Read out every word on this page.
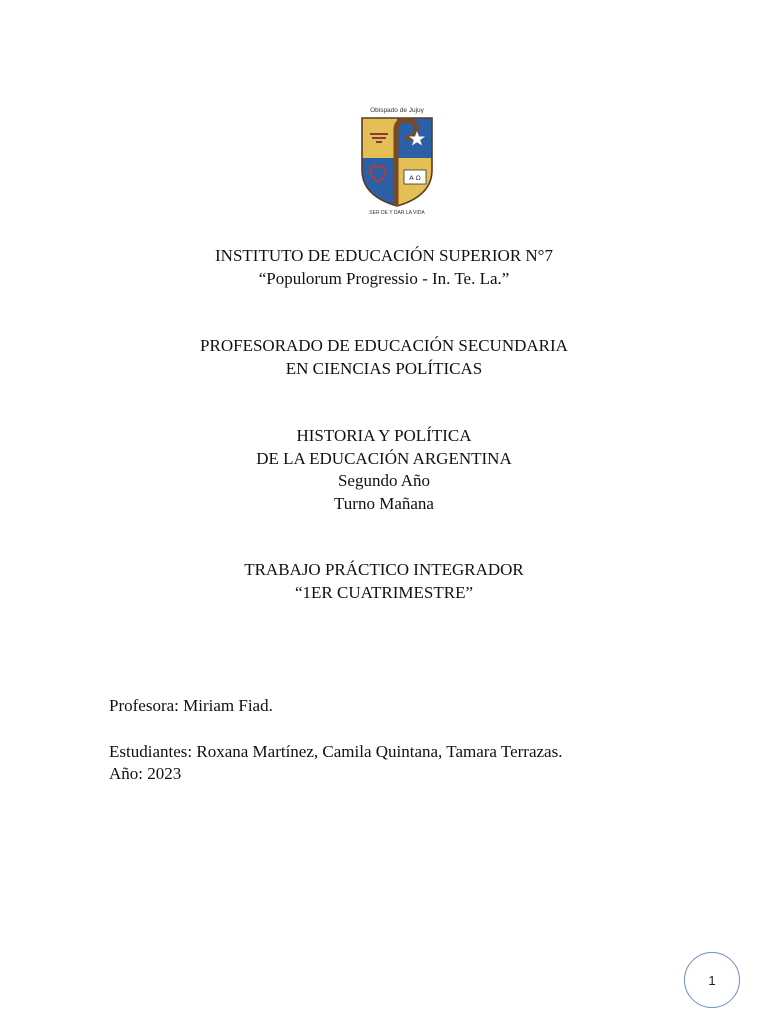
Obispado de Jujuy
A Ω
SER DE Y DAR LA VIDA
INSTITUTO DE EDUCACIÓN SUPERIOR N°7
“Populorum Progressio - In. Te. La.”
PROFESORADO DE EDUCACIÓN SECUNDARIA
EN CIENCIAS POLÍTICAS
HISTORIA Y POLÍTICA
DE LA EDUCACIÓN ARGENTINA
Segundo Año
Turno Mañana
TRABAJO PRÁCTICO INTEGRADOR
“1ER CUATRIMESTRE”
Profesora: Miriam Fiad.
Estudiantes: Roxana Martínez, Camila Quintana, Tamara Terrazas.
Año: 2023
1
